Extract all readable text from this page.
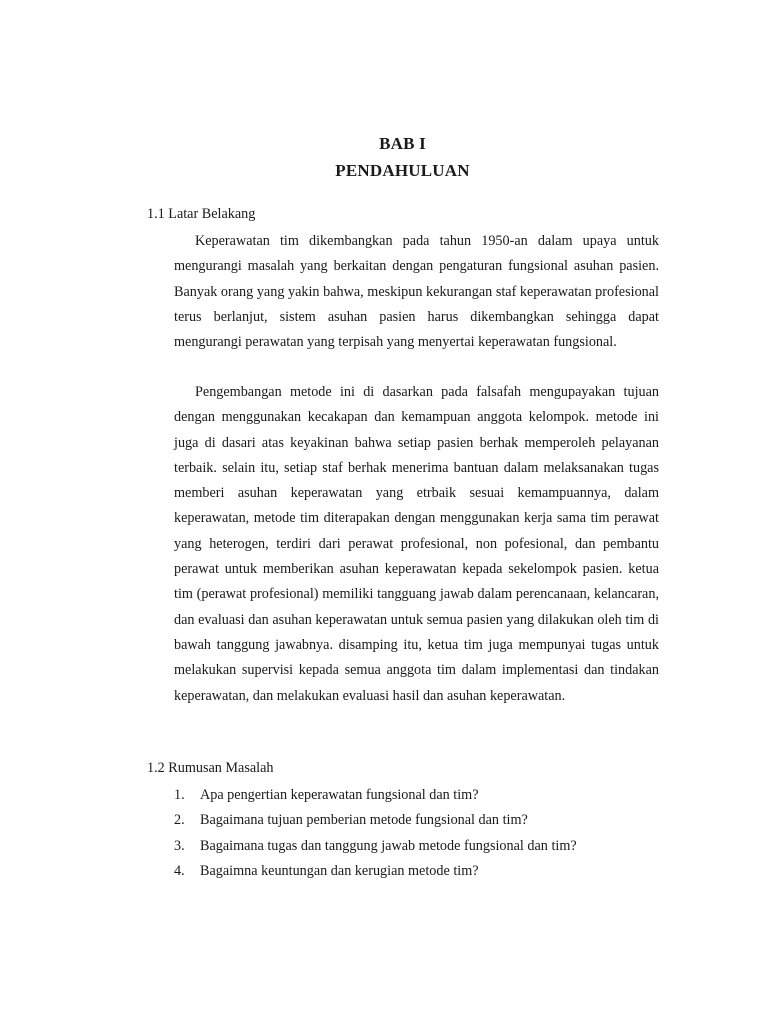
BAB I
PENDAHULUAN
1.1 Latar Belakang

Keperawatan tim dikembangkan pada tahun 1950-an dalam upaya untuk mengurangi masalah yang berkaitan dengan pengaturan fungsional asuhan pasien. Banyak orang yang yakin bahwa, meskipun kekurangan staf keperawatan profesional terus berlanjut, sistem asuhan pasien harus dikembangkan sehingga dapat mengurangi perawatan yang terpisah yang menyertai keperawatan fungsional.

Pengembangan metode ini di dasarkan pada falsafah mengupayakan tujuan dengan menggunakan kecakapan dan kemampuan anggota kelompok. metode ini juga di dasari atas keyakinan bahwa setiap pasien berhak memperoleh pelayanan terbaik. selain itu, setiap staf berhak menerima bantuan dalam melaksanakan tugas memberi asuhan keperawatan yang etrbaik sesuai kemampuannya, dalam keperawatan, metode tim diterapakan dengan menggunakan kerja sama tim perawat yang heterogen, terdiri dari perawat profesional, non pofesional, dan pembantu perawat untuk memberikan asuhan keperawatan kepada sekelompok pasien. ketua tim (perawat profesional) memiliki tangguang jawab dalam perencanaan, kelancaran, dan evaluasi dan asuhan keperawatan untuk semua pasien yang dilakukan oleh tim di bawah tanggung jawabnya. disamping itu, ketua tim juga mempunyai tugas untuk melakukan supervisi kepada semua anggota tim dalam implementasi dan tindakan keperawatan, dan melakukan evaluasi hasil dan asuhan keperawatan.

1.2 Rumusan Masalah
1. Apa pengertian keperawatan fungsional dan tim?
2. Bagaimana tujuan pemberian metode fungsional dan tim?
3. Bagaimana tugas dan tanggung jawab metode fungsional dan tim?
4. Bagaimna keuntungan dan kerugian metode tim?
